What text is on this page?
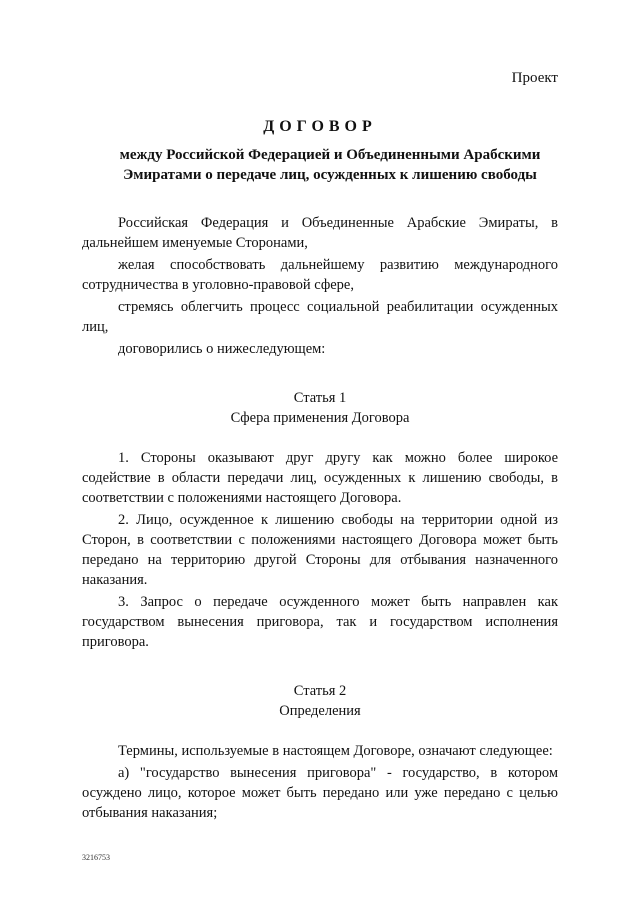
Проект
ДОГОВОР
между Российской Федерацией и Объединенными Арабскими
Эмиратами о передаче лиц, осужденных к лишению свободы

Российская Федерация и Объединенные Арабские Эмираты, в дальнейшем именуемые Сторонами,

желая способствовать дальнейшему развитию международного сотрудничества в уголовно-правовой сфере,

стремясь облегчить процесс социальной реабилитации осужденных лиц,

договорились о нижеследующем:

Статья 1
Сфера применения Договора

1. Стороны оказывают друг другу как можно более широкое содействие в области передачи лиц, осужденных к лишению свободы, в соответствии с положениями настоящего Договора.

2. Лицо, осужденное к лишению свободы на территории одной из Сторон, в соответствии с положениями настоящего Договора может быть передано на территорию другой Стороны для отбывания назначенного наказания.

3. Запрос о передаче осужденного может быть направлен как государством вынесения приговора, так и государством исполнения приговора.

Статья 2
Определения

Термины, используемые в настоящем Договоре, означают следующее:

а) "государство вынесения приговора" - государство, в котором осуждено лицо, которое может быть передано или уже передано с целью отбывания наказания;

3216753
